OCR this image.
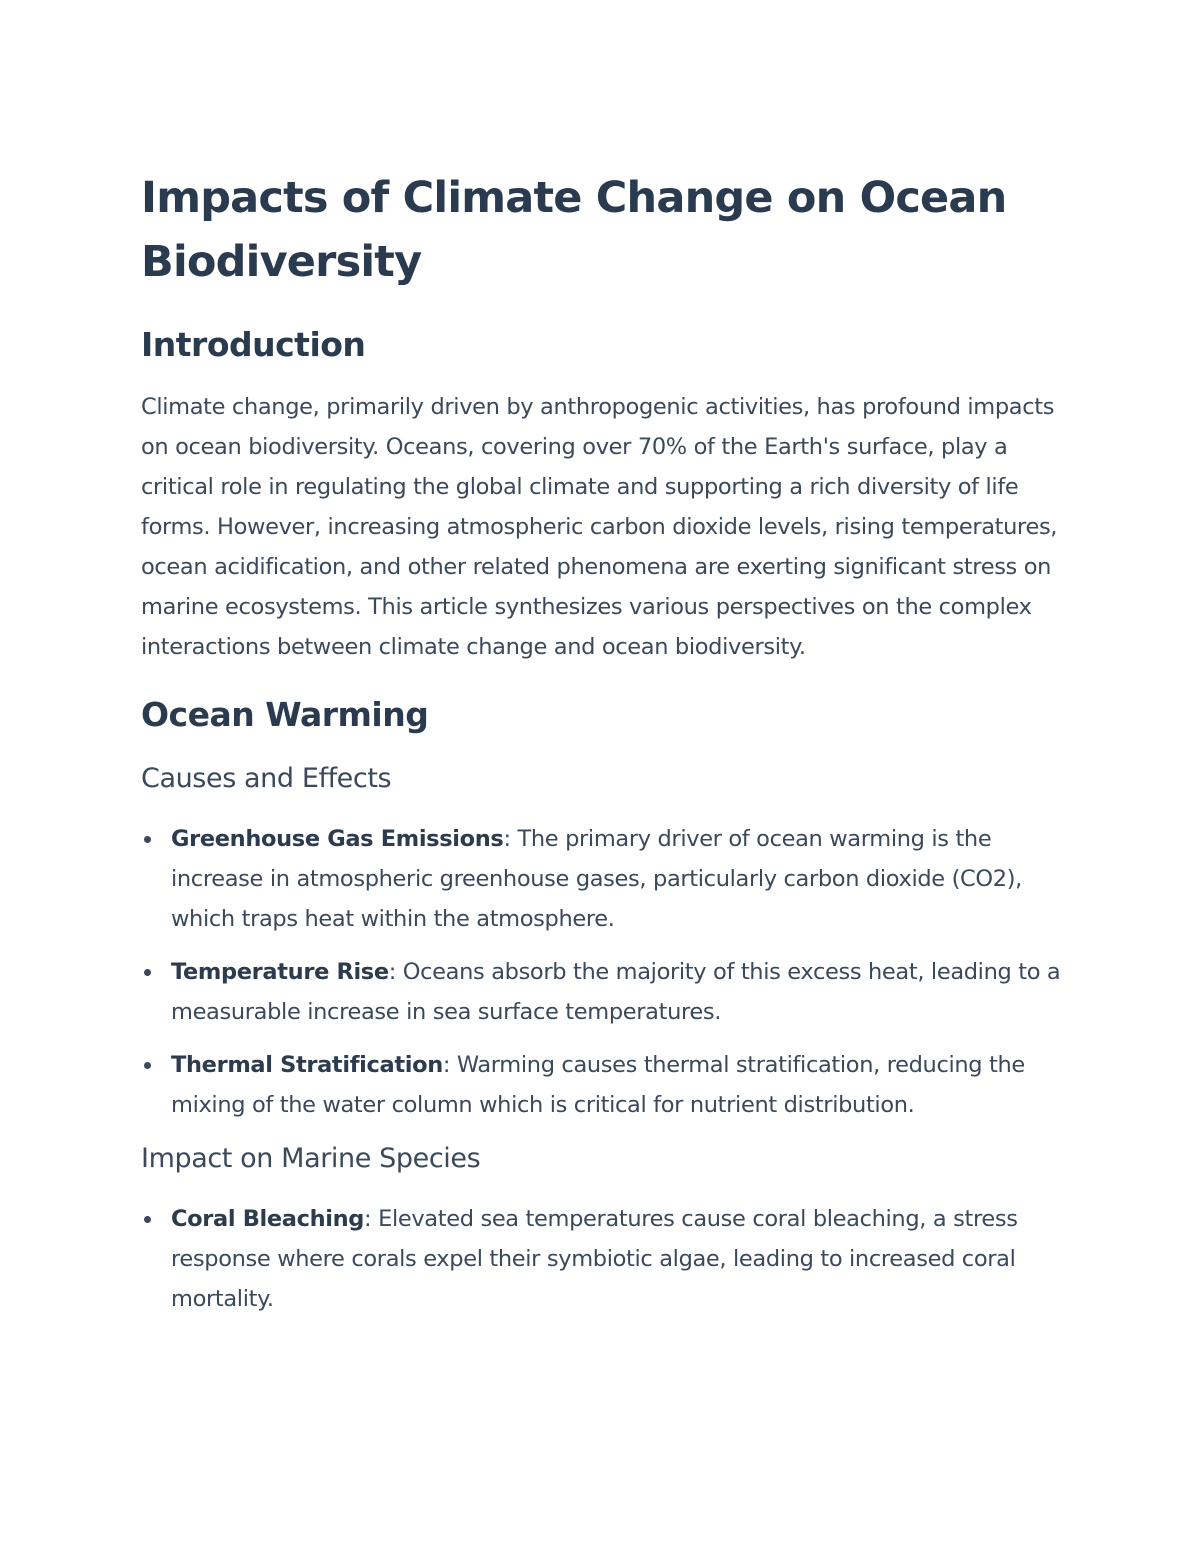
Impacts of Climate Change on Ocean Biodiversity
Introduction

Climate change, primarily driven by anthropogenic activities, has profound impacts on ocean biodiversity. Oceans, covering over 70% of the Earth's surface, play a critical role in regulating the global climate and supporting a rich diversity of life forms. However, increasing atmospheric carbon dioxide levels, rising temperatures, ocean acidification, and other related phenomena are exerting significant stress on marine ecosystems. This article synthesizes various perspectives on the complex interactions between climate change and ocean biodiversity.

Ocean Warming
Causes and Effects
Greenhouse Gas Emissions: The primary driver of ocean warming is the increase in atmospheric greenhouse gases, particularly carbon dioxide (CO2), which traps heat within the atmosphere.
Temperature Rise: Oceans absorb the majority of this excess heat, leading to a measurable increase in sea surface temperatures.
Thermal Stratification: Warming causes thermal stratification, reducing the mixing of the water column which is critical for nutrient distribution.
Impact on Marine Species
Coral Bleaching: Elevated sea temperatures cause coral bleaching, a stress response where corals expel their symbiotic algae, leading to increased coral mortality.
